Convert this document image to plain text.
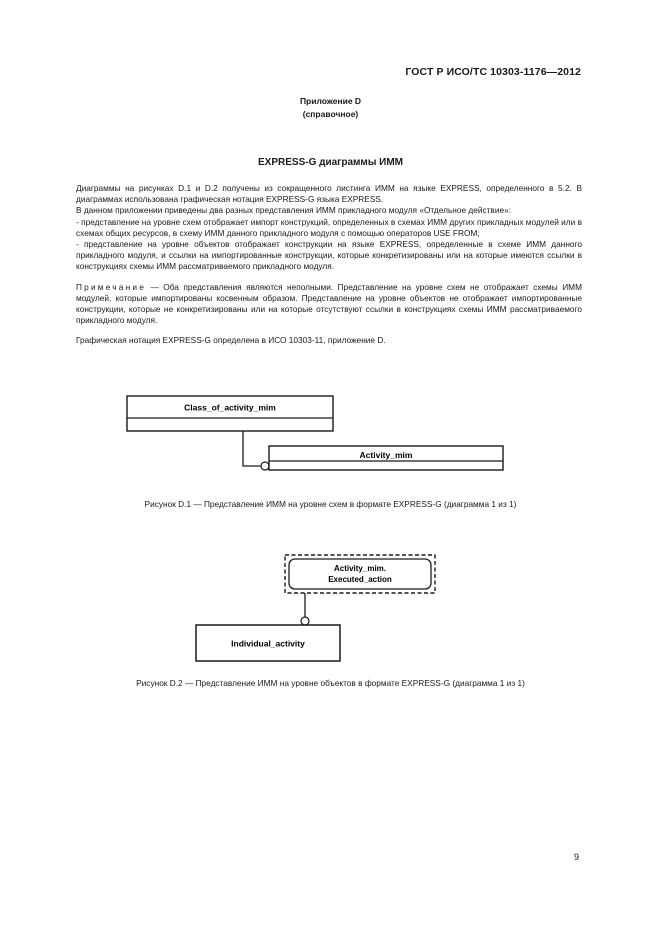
ГОСТ Р ИСО/ТС 10303-1176—2012
Приложение D
(справочное)
EXPRESS-G диаграммы ИММ

Диаграммы на рисунках D.1 и D.2 получены из сокращенного листинга ИММ на языке EXPRESS, определенного в 5.2. В диаграммах использована графическая нотация EXPRESS-G языка EXPRESS.

В данном приложении приведены два разных представления ИММ прикладного модуля «Отдельное действие»:

- представление на уровне схем отображает импорт конструкций, определенных в схемах ИММ других прикладных модулей или в схемах общих ресурсов, в схему ИММ данного прикладного модуля с помощью операторов USE FROM;

- представление на уровне объектов отображает конструкции на языке EXPRESS, определенные в схеме ИММ данного прикладного модуля, и ссылки на импортированные конструкции, которые конкретизированы или на которые имеются ссылки в конструкциях схемы ИММ рассматриваемого прикладного модуля.

Примечание — Оба представления являются неполными. Представление на уровне схем не отображает схемы ИММ модулей, которые импортированы косвенным образом. Представление на уровне объектов не отображает импортированные конструкции, которые не конкретизированы или на которые отсутствуют ссылки в конструкциях схемы ИММ рассматриваемого прикладного модуля.

Графическая нотация EXPRESS-G определена в ИСО 10303-11, приложение D.

Class_of_activity_mim
Activity_mim
Activity_mim.
Executed_action
Individual_activity
Рисунок D.1 — Представление ИММ на уровне схем в формате EXPRESS-G (диаграмма 1 из 1)
Рисунок D.2 — Представление ИММ на уровне объектов в формате EXPRESS-G (диаграмма 1 из 1)
9
